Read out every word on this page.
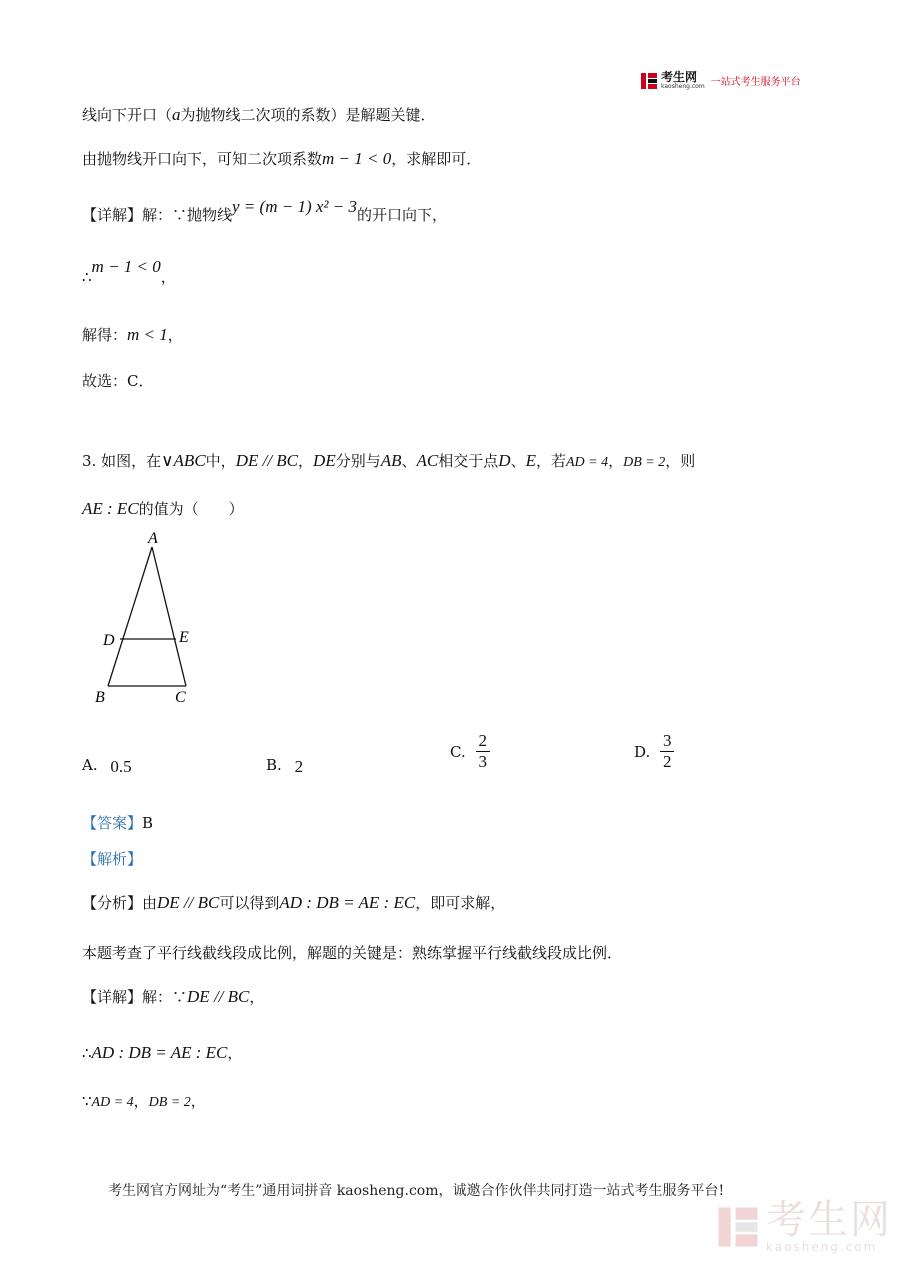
考生网
kaosheng.com 一站式考生服务平台
线向下开口（a为抛物线二次项的系数）是解题关键．
由抛物线开口向下，可知二次项系数m − 1 < 0，求解即可．
【详解】解：∵抛物线y = (m − 1) x² − 3的开口向下，
∴m − 1 < 0，
解得：m < 1，
故选：C．
3. 如图，在∨ABC中，DE // BC，DE分别与AB、AC相交于点D、E，若AD = 4，DB = 2，则
AE : EC的值为（　　）
A
D	E
B	C
A. 0.5	B. 2
C. $\frac{2}{3}$	D. $\frac{3}{2}$
【答案】B
【解析】
【分析】由DE // BC可以得到AD : DB = AE : EC，即可求解，
本题考查了平行线截线段成比例，解题的关键是：熟练掌握平行线截线段成比例．
【详解】解：∵DE // BC，
∴AD : DB = AE : EC，
∵AD = 4，DB = 2，
考生网官方网址为“考生”通用词拼音 kaosheng.com，诚邀合作伙伴共同打造一站式考生服务平台!
考生网
kaosheng.com
